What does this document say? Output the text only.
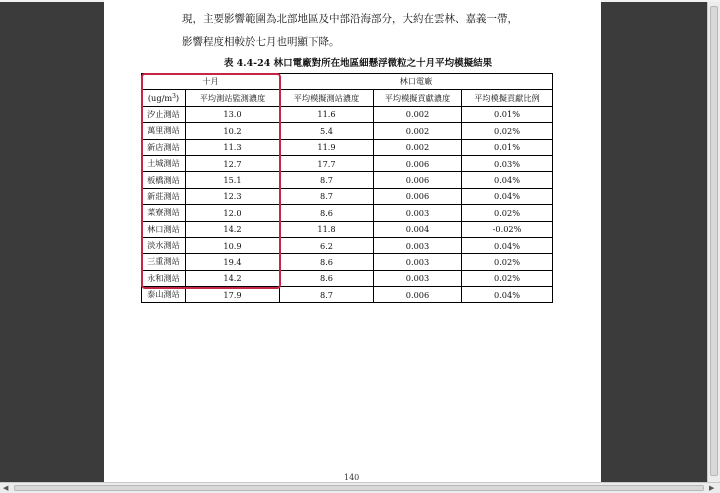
現，主要影響範圍為北部地區及中部沿海部分，大約在雲林、嘉義一帶，
影響程度相較於七月也明顯下降。
表 4.4-24 林口電廠對所在地區細懸浮微粒之十月平均模擬結果
十月		林口電廠		
$(ug/m^3)$	平均測站監測濃度	平均模擬測站濃度	平均模擬貢獻濃度	平均模擬貢獻比例
汐止測站	13.0	11.6	0.002	0.01%
萬里測站	10.2	5.4	0.002	0.02%
新店測站	11.3	11.9	0.002	0.01%
土城測站	12.7	17.7	0.006	0.03%
板橋測站	15.1	8.7	0.006	0.04%
新莊測站	12.3	8.7	0.006	0.04%
菜寮測站	12.0	8.6	0.003	0.02%
林口測站	14.2	11.8	0.004	-0.02%
淡水測站	10.9	6.2	0.003	0.04%
三重測站	19.4	8.6	0.003	0.02%
永和測站	14.2	8.6	0.003	0.02%
泰山測站	17.9	8.7	0.006	0.04%
140
◀	▶
